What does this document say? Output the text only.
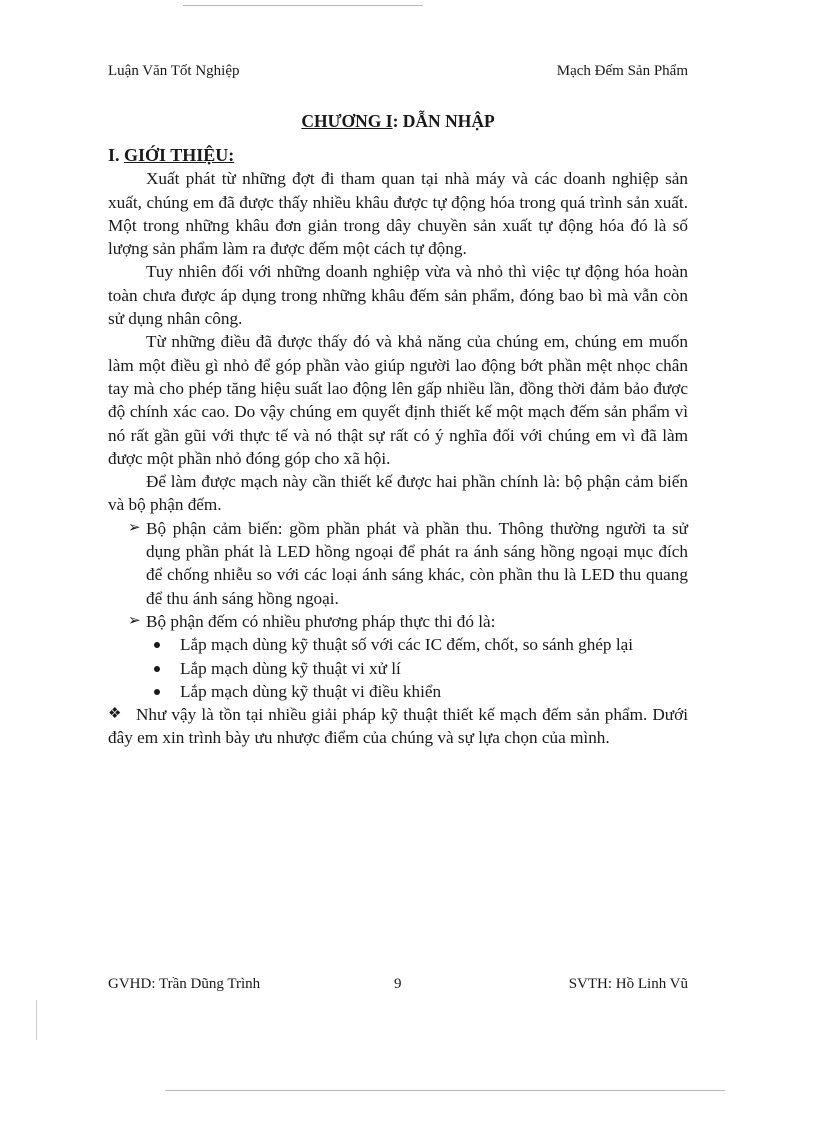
Luận Văn Tốt Nghiệp	Mạch Đếm Sản Phẩm
CHƯƠNG I: DẪN NHẬP
I. GIỚI THIỆU:

Xuất phát từ những đợt đi tham quan tại nhà máy và các doanh nghiệp sản xuất, chúng em đã được thấy nhiều khâu được tự động hóa trong quá trình sản xuất. Một trong những khâu đơn giản trong dây chuyền sản xuất tự động hóa đó là số lượng sản phẩm làm ra được đếm một cách tự động.

Tuy nhiên đối với những doanh nghiệp vừa và nhỏ thì việc tự động hóa hoàn toàn chưa được áp dụng trong những khâu đếm sản phẩm, đóng bao bì mà vẫn còn sử dụng nhân công.

Từ những điều đã được thấy đó và khả năng của chúng em, chúng em muốn làm một điều gì nhỏ để góp phần vào giúp người lao động bớt phần mệt nhọc chân tay mà cho phép tăng hiệu suất lao động lên gấp nhiều lần, đồng thời đảm bảo được độ chính xác cao. Do vậy chúng em quyết định thiết kế một mạch đếm sản phẩm vì nó rất gần gũi với thực tế và nó thật sự rất có ý nghĩa đối với chúng em vì đã làm được một phần nhỏ đóng góp cho xã hội.

Để làm được mạch này cần thiết kế được hai phần chính là: bộ phận cảm biến và bộ phận đếm.

➢ Bộ phận cảm biến: gồm phần phát và phần thu. Thông thường người ta sử dụng phần phát là LED hồng ngoại để phát ra ánh sáng hồng ngoại mục đích để chống nhiễu so với các loại ánh sáng khác, còn phần thu là LED thu quang để thu ánh sáng hồng ngoại.
➢ Bộ phận đếm có nhiều phương pháp thực thi đó là:
Lắp mạch dùng kỹ thuật số với các IC đếm, chốt, so sánh ghép lại
Lắp mạch dùng kỹ thuật vi xử lí
Lắp mạch dùng kỹ thuật vi điều khiển
❖ Như vậy là tồn tại nhiều giải pháp kỹ thuật thiết kế mạch đếm sản phẩm. Dưới đây em xin trình bày ưu nhược điểm của chúng và sự lựa chọn của mình.
GVHD: Trần Dũng Trình	9	SVTH: Hồ Linh Vũ
